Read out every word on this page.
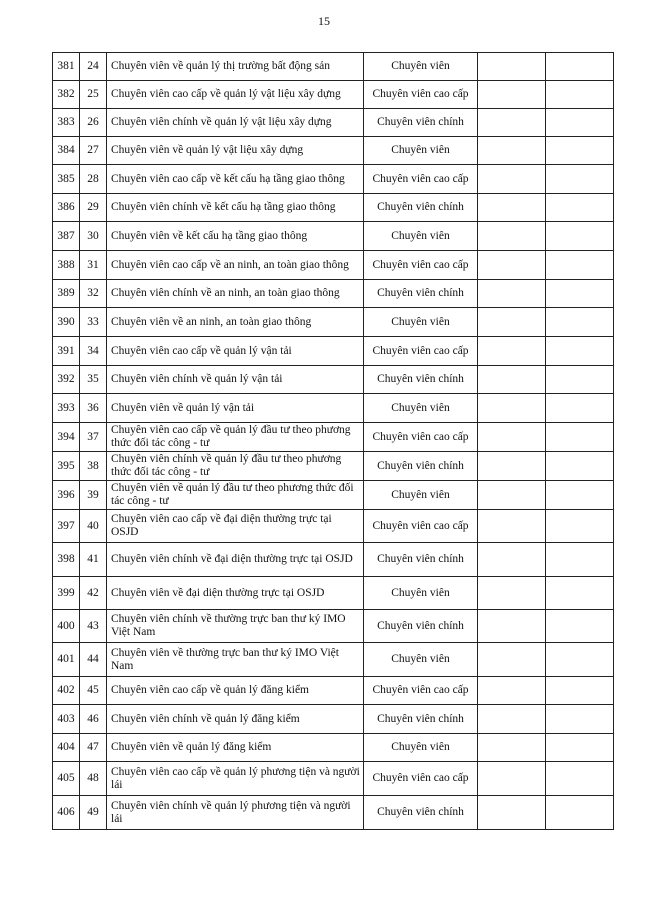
15
381	24	Chuyên viên về quản lý thị trường bất động sản	Chuyên viên		
382	25	Chuyên viên cao cấp về quản lý vật liệu xây dựng	Chuyên viên cao cấp		
383	26	Chuyên viên chính về quản lý vật liệu xây dựng	Chuyên viên chính		
384	27	Chuyên viên về quản lý vật liệu xây dựng	Chuyên viên		
385	28	Chuyên viên cao cấp về kết cấu hạ tầng giao thông	Chuyên viên cao cấp		
386	29	Chuyên viên chính về kết cấu hạ tầng giao thông	Chuyên viên chính		
387	30	Chuyên viên về kết cấu hạ tầng giao thông	Chuyên viên		
388	31	Chuyên viên cao cấp về an ninh, an toàn giao thông	Chuyên viên cao cấp		
389	32	Chuyên viên chính về an ninh, an toàn giao thông	Chuyên viên chính		
390	33	Chuyên viên về an ninh, an toàn giao thông	Chuyên viên		
391	34	Chuyên viên cao cấp về quản lý vận tải	Chuyên viên cao cấp		
392	35	Chuyên viên chính về quản lý vận tải	Chuyên viên chính		
393	36	Chuyên viên về quản lý vận tải	Chuyên viên		
394	37	Chuyên viên cao cấp về quản lý đầu tư theo phương thức đối tác công - tư	Chuyên viên cao cấp		
395	38	Chuyên viên chính về quản lý đầu tư theo phương thức đối tác công - tư	Chuyên viên chính		
396	39	Chuyên viên về quản lý đầu tư theo phương thức đối tác công - tư	Chuyên viên		
397	40	Chuyên viên cao cấp về đại diện thường trực tại OSJD	Chuyên viên cao cấp		
398	41	Chuyên viên chính về đại diện thường trực tại OSJD	Chuyên viên chính		
399	42	Chuyên viên về đại diện thường trực tại OSJD	Chuyên viên		
400	43	Chuyên viên chính về thường trực ban thư ký IMO Việt Nam	Chuyên viên chính		
401	44	Chuyên viên về thường trực ban thư ký IMO Việt Nam	Chuyên viên		
402	45	Chuyên viên cao cấp về quản lý đăng kiểm	Chuyên viên cao cấp		
403	46	Chuyên viên chính về quản lý đăng kiểm	Chuyên viên chính		
404	47	Chuyên viên về quản lý đăng kiểm	Chuyên viên		
405	48	Chuyên viên cao cấp về quản lý phương tiện và người lái	Chuyên viên cao cấp		
406	49	Chuyên viên chính về quản lý phương tiện và người lái	Chuyên viên chính		
